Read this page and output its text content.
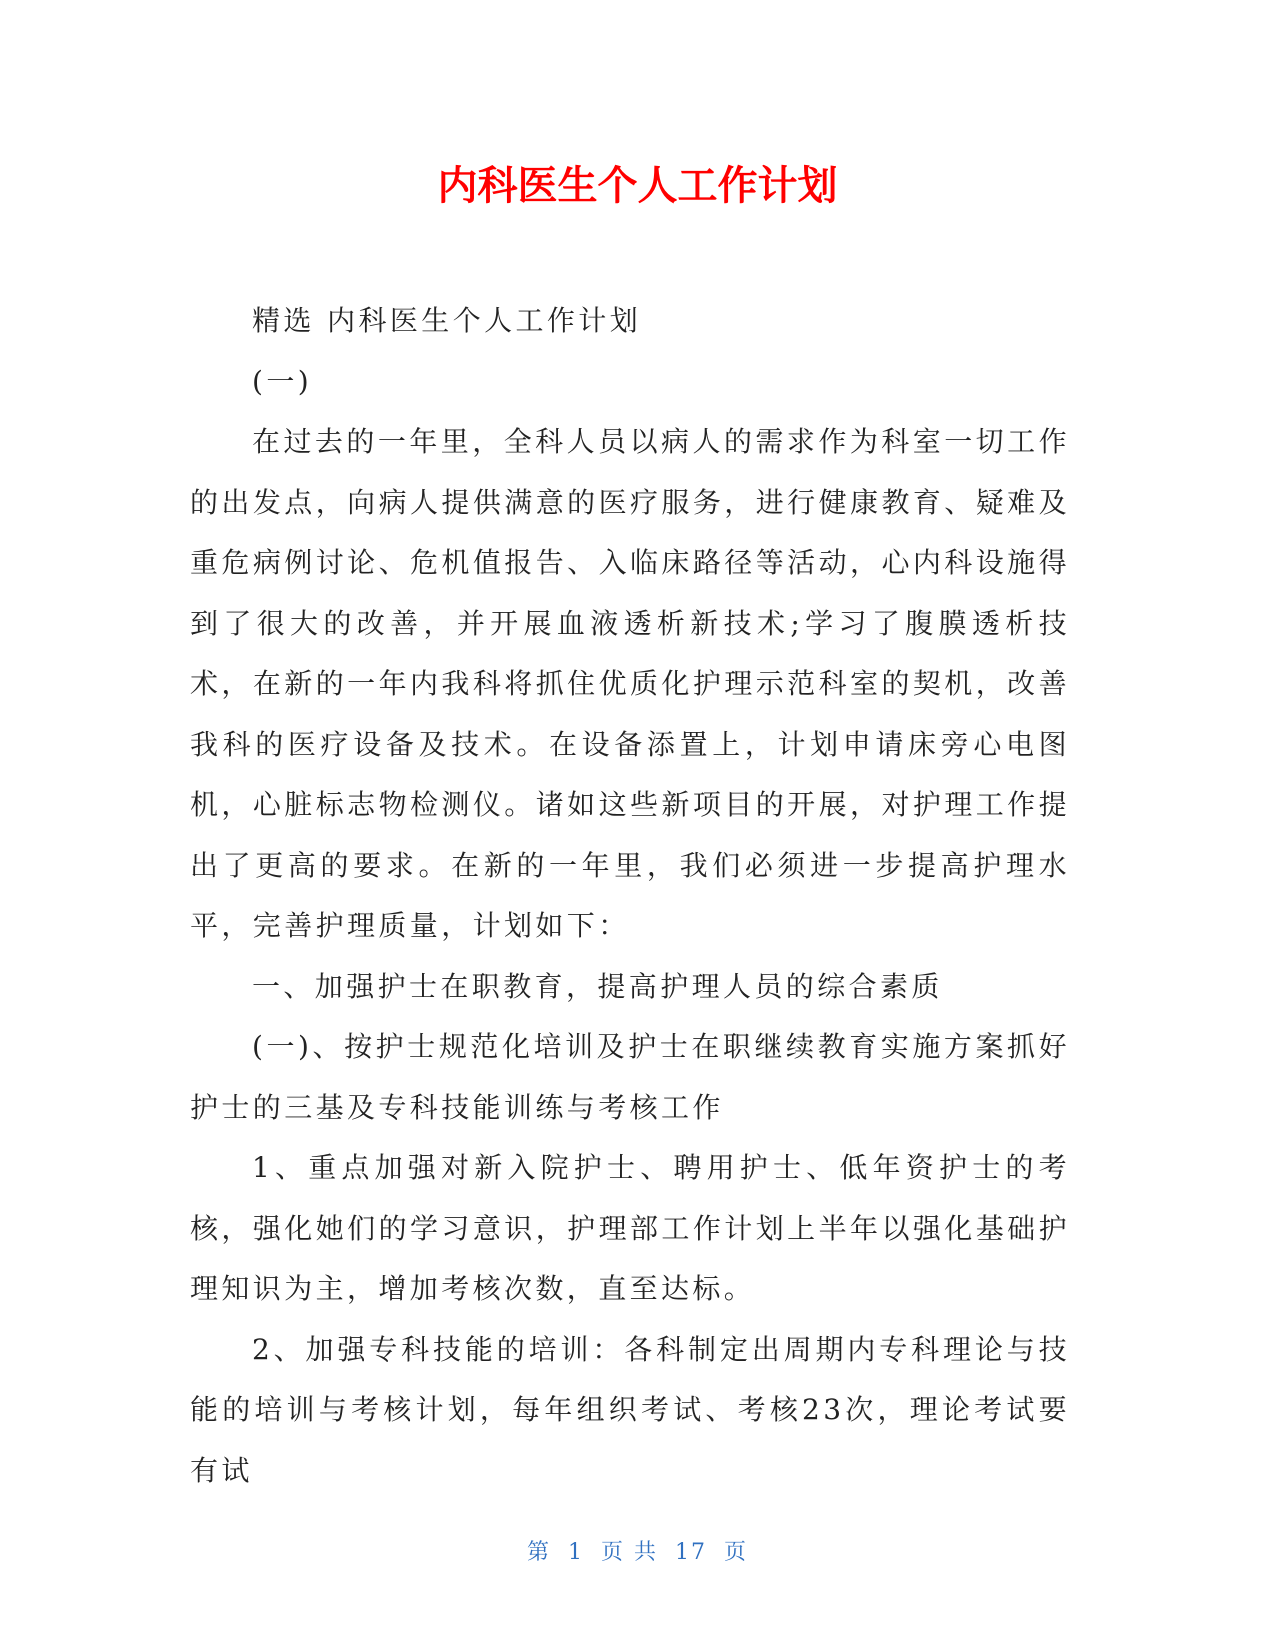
内科医生个人工作计划

精选 内科医生个人工作计划

(一)

在过去的一年里，全科人员以病人的需求作为科室一切工作的出发点，向病人提供满意的医疗服务，进行健康教育、疑难及重危病例讨论、危机值报告、入临床路径等活动，心内科设施得到了很大的改善，并开展血液透析新技术;学习了腹膜透析技术，在新的一年内我科将抓住优质化护理示范科室的契机，改善我科的医疗设备及技术。在设备添置上，计划申请床旁心电图机，心脏标志物检测仪。诸如这些新项目的开展，对护理工作提出了更高的要求。在新的一年里，我们必须进一步提高护理水平，完善护理质量，计划如下：

一、加强护士在职教育，提高护理人员的综合素质

(一)、按护士规范化培训及护士在职继续教育实施方案抓好护士的三基及专科技能训练与考核工作

1、重点加强对新入院护士、聘用护士、低年资护士的考核，强化她们的学习意识，护理部工作计划上半年以强化基础护理知识为主，增加考核次数，直至达标。

2、加强专科技能的培训：各科制定出周期内专科理论与技能的培训与考核计划，每年组织考试、考核23次，理论考试要有试

第 1 页 共 17 页
